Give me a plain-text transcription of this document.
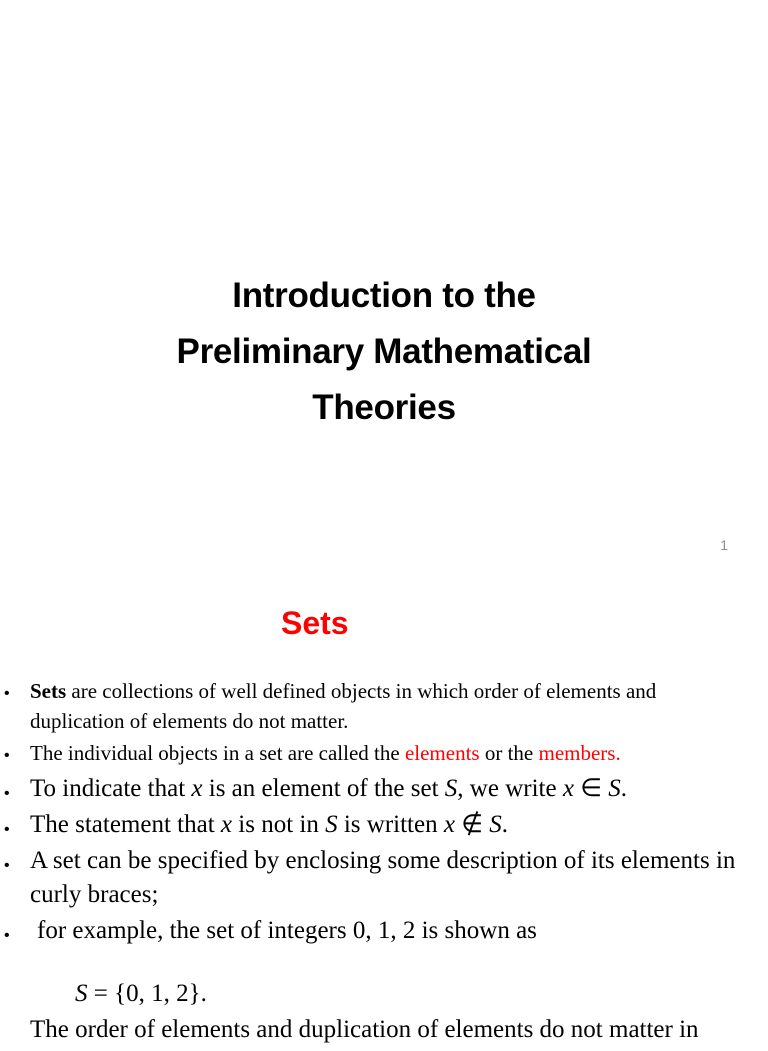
Introduction to the
Preliminary Mathematical
Theories
1
Sets
• Sets are collections of well defined objects in which order of elements and duplication of elements do not matter.
• The individual objects in a set are called the elements or the members.
• To indicate that x is an element of the set S, we write x ∈ S.
• The statement that x is not in S is written x ∉ S.
• A set can be specified by enclosing some description of its elements in curly braces;
• for example, the set of integers 0, 1, 2 is shown as
S = {0, 1, 2}.
The order of elements and duplication of elements do not matter in
